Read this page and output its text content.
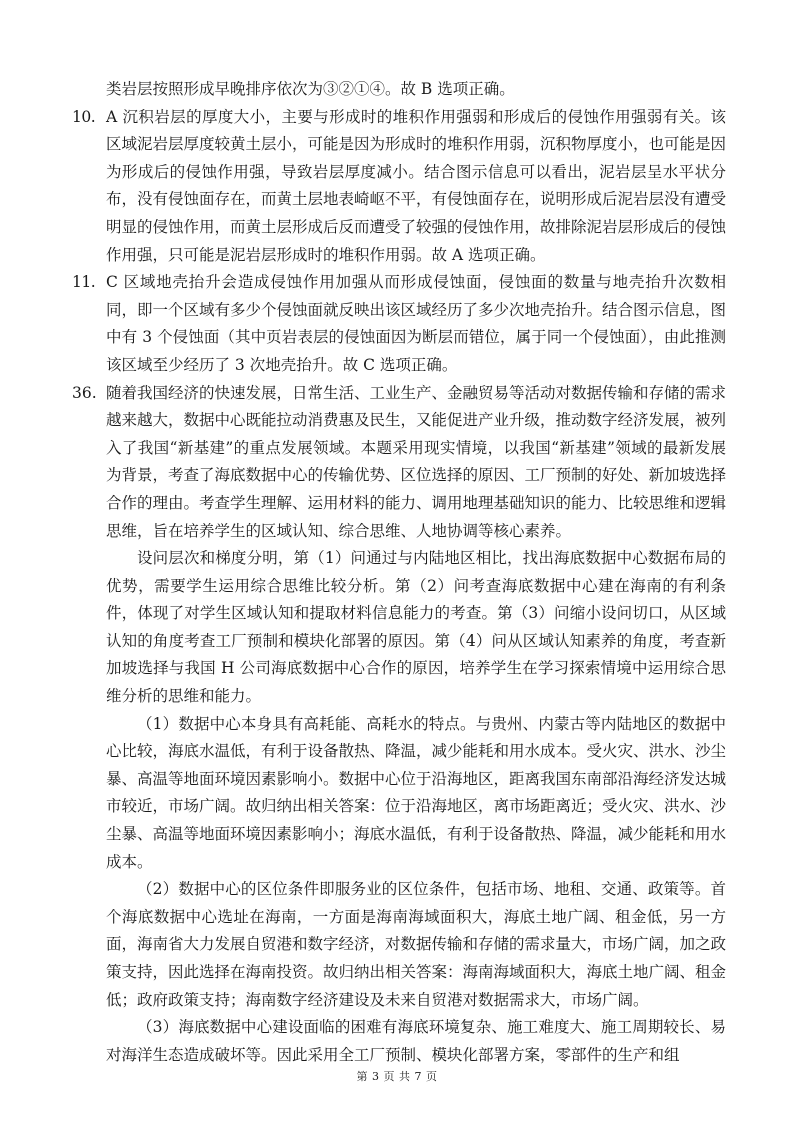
类岩层按照形成早晚排序依次为③②①④。故 B 选项正确。

10. A 沉积岩层的厚度大小，主要与形成时的堆积作用强弱和形成后的侵蚀作用强弱有关。该区域泥岩层厚度较黄土层小，可能是因为形成时的堆积作用弱，沉积物厚度小，也可能是因为形成后的侵蚀作用强，导致岩层厚度减小。结合图示信息可以看出，泥岩层呈水平状分布，没有侵蚀面存在，而黄土层地表崎岖不平，有侵蚀面存在，说明形成后泥岩层没有遭受明显的侵蚀作用，而黄土层形成后反而遭受了较强的侵蚀作用，故排除泥岩层形成后的侵蚀作用强，只可能是泥岩层形成时的堆积作用弱。故 A 选项正确。
11. C 区域地壳抬升会造成侵蚀作用加强从而形成侵蚀面，侵蚀面的数量与地壳抬升次数相同，即一个区域有多少个侵蚀面就反映出该区域经历了多少次地壳抬升。结合图示信息，图中有 3 个侵蚀面（其中页岩表层的侵蚀面因为断层而错位，属于同一个侵蚀面），由此推测该区域至少经历了 3 次地壳抬升。故 C 选项正确。
36. 随着我国经济的快速发展，日常生活、工业生产、金融贸易等活动对数据传输和存储的需求越来越大，数据中心既能拉动消费惠及民生，又能促进产业升级，推动数字经济发展，被列入了我国“新基建”的重点发展领域。本题采用现实情境，以我国“新基建”领域的最新发展为背景，考查了海底数据中心的传输优势、区位选择的原因、工厂预制的好处、新加坡选择合作的理由。考查学生理解、运用材料的能力、调用地理基础知识的能力、比较思维和逻辑思维，旨在培养学生的区域认知、综合思维、人地协调等核心素养。

设问层次和梯度分明，第（1）问通过与内陆地区相比，找出海底数据中心数据布局的优势，需要学生运用综合思维比较分析。第（2）问考查海底数据中心建在海南的有利条件，体现了对学生区域认知和提取材料信息能力的考查。第（3）问缩小设问切口，从区域认知的角度考查工厂预制和模块化部署的原因。第（4）问从区域认知素养的角度，考查新加坡选择与我国 H 公司海底数据中心合作的原因，培养学生在学习探索情境中运用综合思维分析的思维和能力。

（1）数据中心本身具有高耗能、高耗水的特点。与贵州、内蒙古等内陆地区的数据中心比较，海底水温低，有利于设备散热、降温，减少能耗和用水成本。受火灾、洪水、沙尘暴、高温等地面环境因素影响小。数据中心位于沿海地区，距离我国东南部沿海经济发达城市较近，市场广阔。故归纳出相关答案：位于沿海地区，离市场距离近；受火灾、洪水、沙尘暴、高温等地面环境因素影响小；海底水温低，有利于设备散热、降温，减少能耗和用水成本。

（2）数据中心的区位条件即服务业的区位条件，包括市场、地租、交通、政策等。首个海底数据中心选址在海南，一方面是海南海域面积大，海底土地广阔、租金低，另一方面，海南省大力发展自贸港和数字经济，对数据传输和存储的需求量大，市场广阔，加之政策支持，因此选择在海南投资。故归纳出相关答案：海南海域面积大，海底土地广阔、租金低；政府政策支持；海南数字经济建设及未来自贸港对数据需求大，市场广阔。

（3）海底数据中心建设面临的困难有海底环境复杂、施工难度大、施工周期较长、易对海洋生态造成破坏等。因此采用全工厂预制、模块化部署方案，零部件的生产和组

第 3 页 共 7 页
